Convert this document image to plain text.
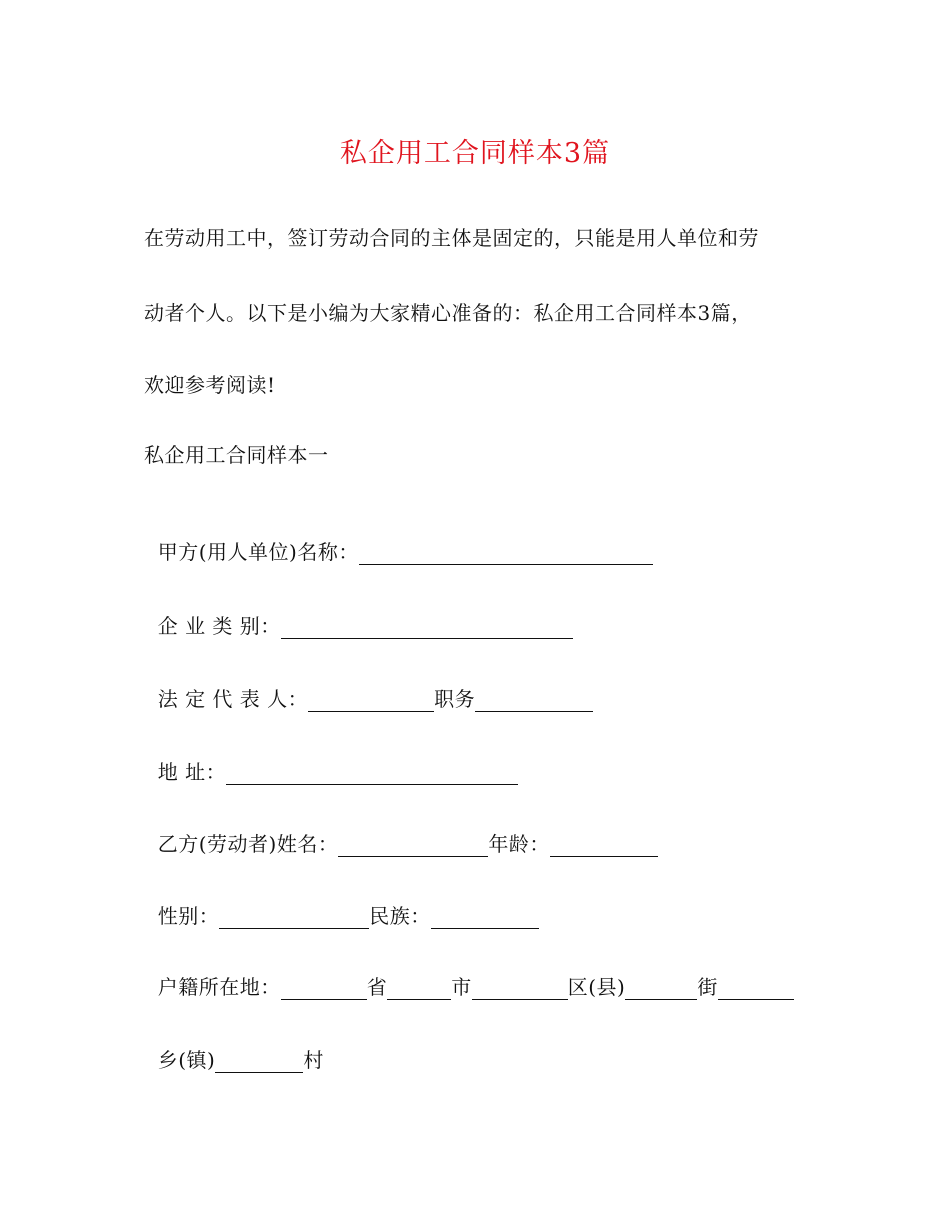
私企用工合同样本3篇
在劳动用工中，签订劳动合同的主体是固定的，只能是用人单位和劳
动者个人。以下是小编为大家精心准备的：私企用工合同样本3篇，
欢迎参考阅读!
私企用工合同样本一

甲方(用人单位)名称：

企 业 类 别：

法 定 代 表 人：	职务

地 址：

乙方(劳动者)姓名：	年龄：

性别：	民族：

户籍所在地：	省	市	区(县)	街

乡(镇)	村
